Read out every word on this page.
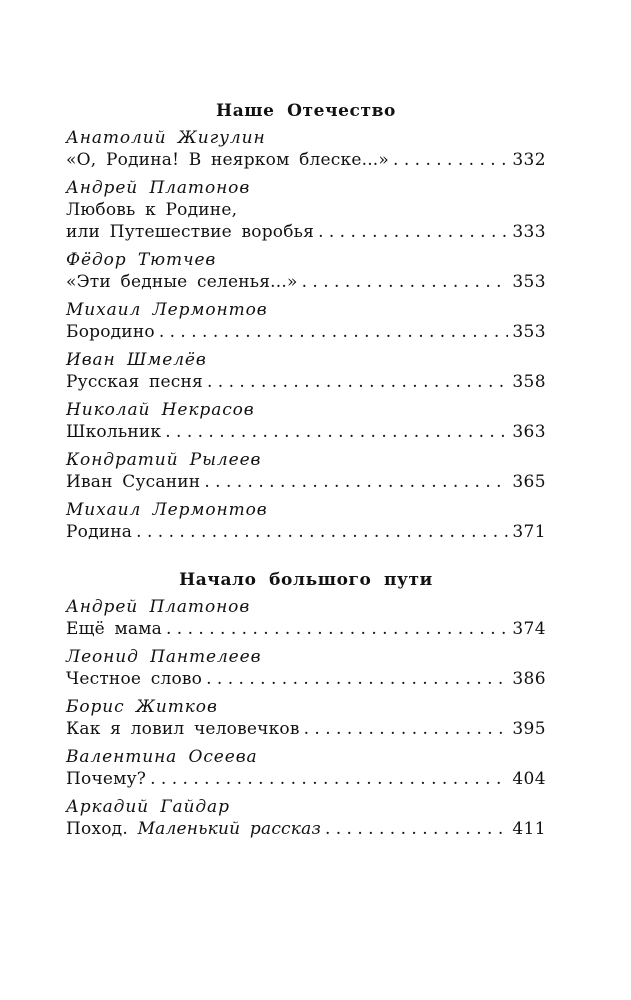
Наше Отечество
Анатолий Жигулин
«О, Родина! В неярком блеске...» . . .	332
Андрей Платонов
Любовь к Родине,
или Путешествие воробья . . .	333
Фёдор Тютчев
«Эти бедные селенья...» . . .	353
Михаил Лермонтов
Бородино . . .	353
Иван Шмелёв
Русская песня . . .	358
Николай Некрасов
Школьник . . .	363
Кондратий Рылеев
Иван Сусанин . . .	365
Михаил Лермонтов
Родина . . .	371
Начало большого пути
Андрей Платонов
Ещё мама . . .	374
Леонид Пантелеев
Честное слово . . .	386
Борис Житков
Как я ловил человечков . . .	395
Валентина Осеева
Почему? . . .	404
Аркадий Гайдар
Поход. Маленький рассказ . . .	411
